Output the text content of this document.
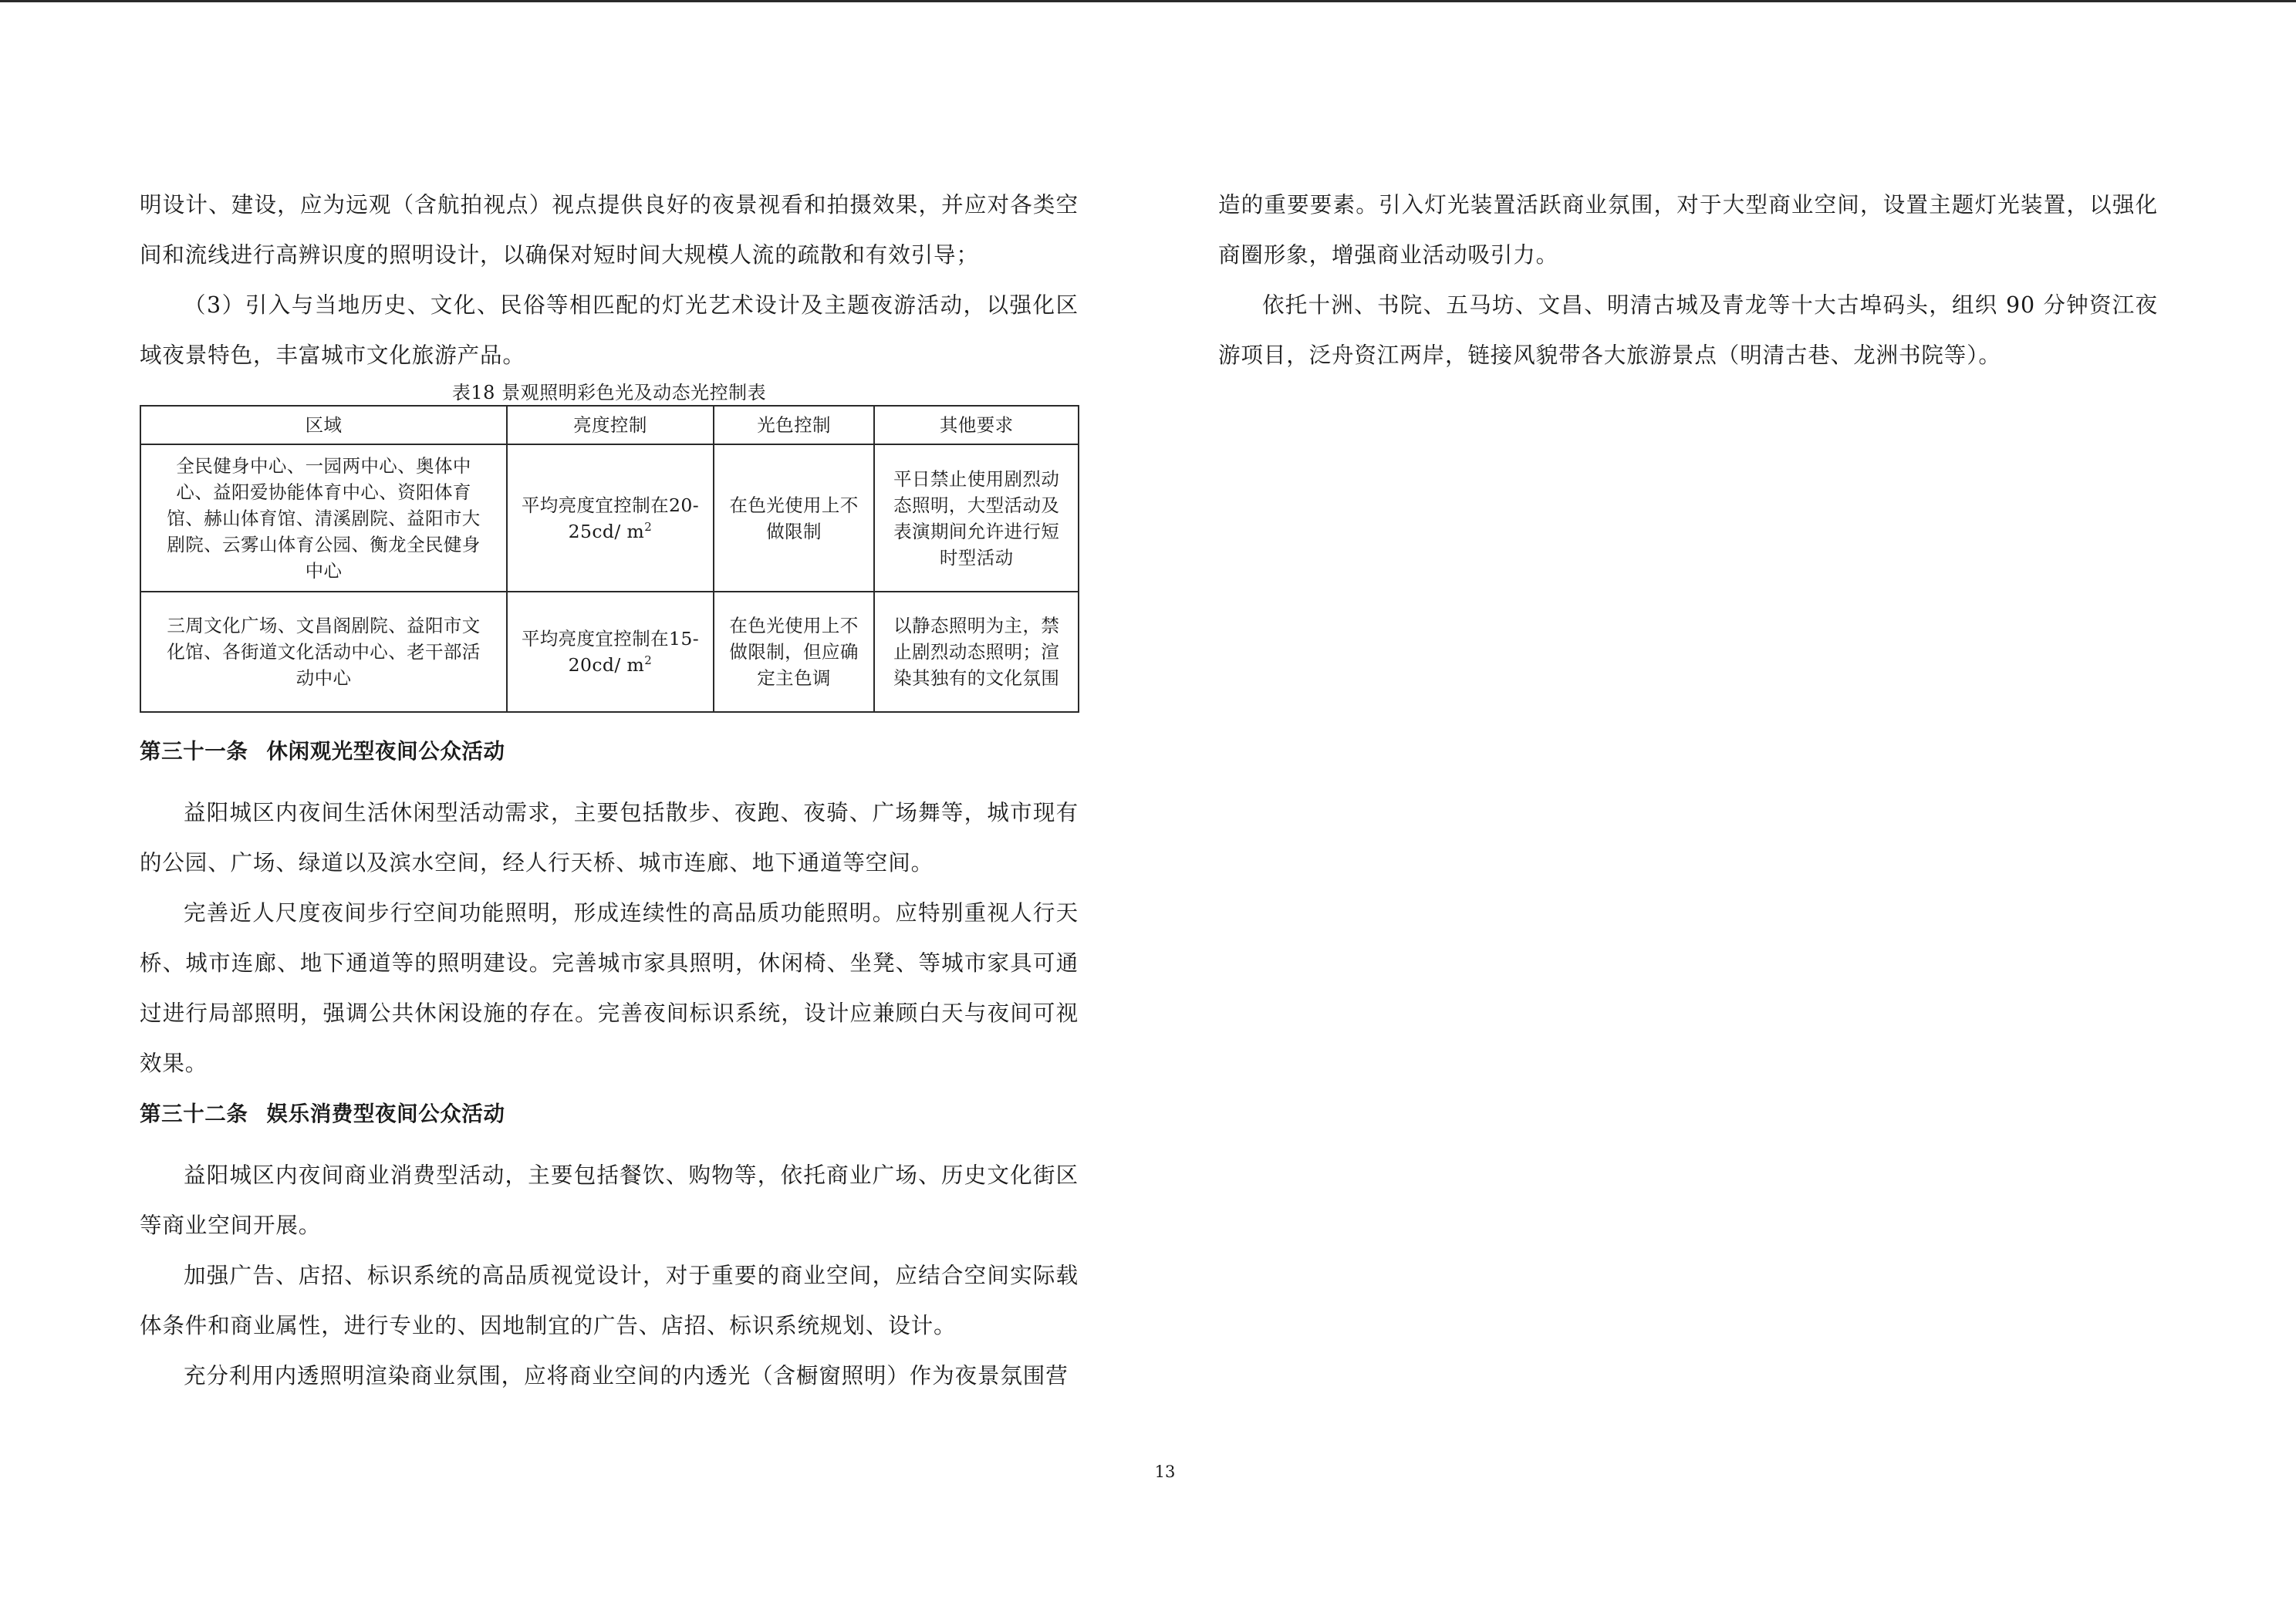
明设计、建设，应为远观（含航拍视点）视点提供良好的夜景视看和拍摄效果，并应对各类空间和流线进行高辨识度的照明设计，以确保对短时间大规模人流的疏散和有效引导；

（3）引入与当地历史、文化、民俗等相匹配的灯光艺术设计及主题夜游活动，以强化区域夜景特色，丰富城市文化旅游产品。

表18 景观照明彩色光及动态光控制表
区域	亮度控制	光色控制	其他要求
全民健身中心、一园两中心、奥体中心、益阳爱协能体育中心、资阳体育馆、赫山体育馆、清溪剧院、益阳市大剧院、云雾山体育公园、衡龙全民健身中心	平均亮度宜控制在20-25cd/ $m^2$	在色光使用上不做限制	平日禁止使用剧烈动态照明，大型活动及表演期间允许进行短时型活动
三周文化广场、文昌阁剧院、益阳市文化馆、各街道文化活动中心、老干部活动中心	平均亮度宜控制在15-20cd/ $m^2$	在色光使用上不做限制，但应确定主色调	以静态照明为主，禁止剧烈动态照明；渲染其独有的文化氛围
第三十一条 休闲观光型夜间公众活动

益阳城区内夜间生活休闲型活动需求，主要包括散步、夜跑、夜骑、广场舞等，城市现有的公园、广场、绿道以及滨水空间，经人行天桥、城市连廊、地下通道等空间。

完善近人尺度夜间步行空间功能照明，形成连续性的高品质功能照明。应特别重视人行天桥、城市连廊、地下通道等的照明建设。完善城市家具照明，休闲椅、坐凳、等城市家具可通过进行局部照明，强调公共休闲设施的存在。完善夜间标识系统，设计应兼顾白天与夜间可视效果。

第三十二条 娱乐消费型夜间公众活动

益阳城区内夜间商业消费型活动，主要包括餐饮、购物等，依托商业广场、历史文化街区等商业空间开展。

加强广告、店招、标识系统的高品质视觉设计，对于重要的商业空间，应结合空间实际载体条件和商业属性，进行专业的、因地制宜的广告、店招、标识系统规划、设计。

充分利用内透照明渲染商业氛围，应将商业空间的内透光（含橱窗照明）作为夜景氛围营

造的重要要素。引入灯光装置活跃商业氛围，对于大型商业空间，设置主题灯光装置，以强化商圈形象，增强商业活动吸引力。

依托十洲、书院、五马坊、文昌、明清古城及青龙等十大古埠码头，组织 90 分钟资江夜游项目，泛舟资江两岸，链接风貌带各大旅游景点（明清古巷、龙洲书院等）。

13
